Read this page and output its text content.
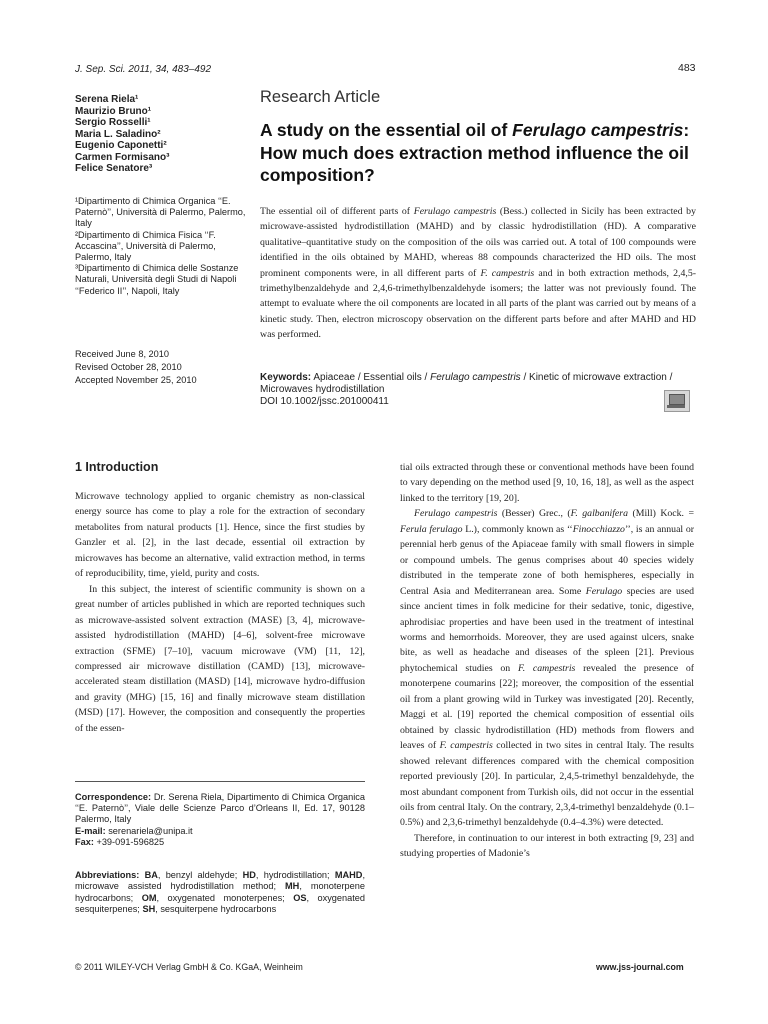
J. Sep. Sci. 2011, 34, 483–492	483
Serena Riela¹
Maurizio Bruno¹
Sergio Rosselli¹
Maria L. Saladino²
Eugenio Caponetti²
Carmen Formisano³
Felice Senatore³
¹Dipartimento di Chimica Organica ‘‘E. Paternò’’, Università di Palermo, Palermo, Italy
²Dipartimento di Chimica Fisica ‘‘F. Accascina’’, Università di Palermo, Palermo, Italy
³Dipartimento di Chimica delle Sostanze Naturali, Università degli Studi di Napoli ‘‘Federico II’’, Napoli, Italy
Received June 8, 2010
Revised October 28, 2010
Accepted November 25, 2010
Research Article
A study on the essential oil of Ferulago campestris: How much does extraction method influence the oil composition?
The essential oil of different parts of Ferulago campestris (Bess.) collected in Sicily has been extracted by microwave-assisted hydrodistillation (MAHD) and by classic hydrodistillation (HD). A comparative qualitative–quantitative study on the composition of the oils was carried out. A total of 100 compounds were identified in the oils obtained by MAHD, whereas 88 compounds characterized the HD oils. The most prominent components were, in all different parts of F. campestris and in both extraction methods, 2,4,5-trimethylbenzaldehyde and 2,4,6-trimethylbenzaldehyde isomers; the latter was not previously found. The attempt to evaluate where the oil components are located in all parts of the plant was carried out by means of a kinetic study. Then, electron microscopy observation on the different parts before and after MAHD and HD was performed.
Keywords: Apiaceae / Essential oils / Ferulago campestris / Kinetic of microwave extraction / Microwaves hydrodistillation
DOI 10.1002/jssc.201000411
1 Introduction

Microwave technology applied to organic chemistry as non-classical energy source has come to play a role for the extraction of secondary metabolites from natural products [1]. Hence, since the first studies by Ganzler et al. [2], in the last decade, essential oil extraction by microwaves has become an alternative, valid extraction method, in terms of reproducibility, time, yield, purity and costs.

In this subject, the interest of scientific community is shown on a great number of articles published in which are reported techniques such as microwave-assisted solvent extraction (MASE) [3, 4], microwave-assisted hydrodistillation (MAHD) [4–6], solvent-free microwave extraction (SFME) [7–10], vacuum microwave (VM) [11, 12], compressed air microwave distillation (CAMD) [13], microwave-accelerated steam distillation (MASD) [14], microwave hydro-diffusion and gravity (MHG) [15, 16] and finally microwave steam distillation (MSD) [17]. However, the composition and consequently the properties of the essen-

tial oils extracted through these or conventional methods have been found to vary depending on the method used [9, 10, 16, 18], as well as the aspect linked to the territory [19, 20].

Ferulago campestris (Besser) Grec., (F. galbanifera (Mill) Kock. = Ferula ferulago L.), commonly known as ‘‘Finocchiazzo’’, is an annual or perennial herb genus of the Apiaceae family with small flowers in simple or compound umbels. The genus comprises about 40 species widely distributed in the temperate zone of both hemispheres, especially in Central Asia and Mediterranean area. Some Ferulago species are used since ancient times in folk medicine for their sedative, tonic, digestive, aphrodisiac properties and have been used in the treatment of intestinal worms and hemorrhoids. Moreover, they are used against ulcers, snake bite, as well as headache and diseases of the spleen [21]. Previous phytochemical studies on F. campestris revealed the presence of monoterpene coumarins [22]; moreover, the composition of the essential oil from a plant growing wild in Turkey was investigated [20]. Recently, Maggi et al. [19] reported the chemical composition of essential oils obtained by classic hydrodistillation (HD) methods from flowers and leaves of F. campestris collected in two sites in central Italy. The results showed relevant differences compared with the chemical composition reported previously [20]. In particular, 2,4,5-trimethyl benzaldehyde, the most abundant component from Turkish oils, did not occur in the essential oils from central Italy. On the contrary, 2,3,4-trimethyl benzaldehyde (0.1–0.5%) and 2,3,6-trimethyl benzaldehyde (0.4–4.3%) were detected.

Therefore, in continuation to our interest in both extracting [9, 23] and studying properties of Madonie’s

Correspondence: Dr. Serena Riela, Dipartimento di Chimica Organica ‘‘E. Paternò’’, Viale delle Scienze Parco d’Orleans II, Ed. 17, 90128 Palermo, Italy
E-mail: serenariela@unipa.it
Fax: +39-091-596825
Abbreviations: BA, benzyl aldehyde; HD, hydrodistillation; MAHD, microwave assisted hydrodistillation method; MH, monoterpene hydrocarbons; OM, oxygenated monoterpenes; OS, oxygenated sesquiterpenes; SH, sesquiterpene hydrocarbons
© 2011 WILEY-VCH Verlag GmbH & Co. KGaA, Weinheim	www.jss-journal.com
